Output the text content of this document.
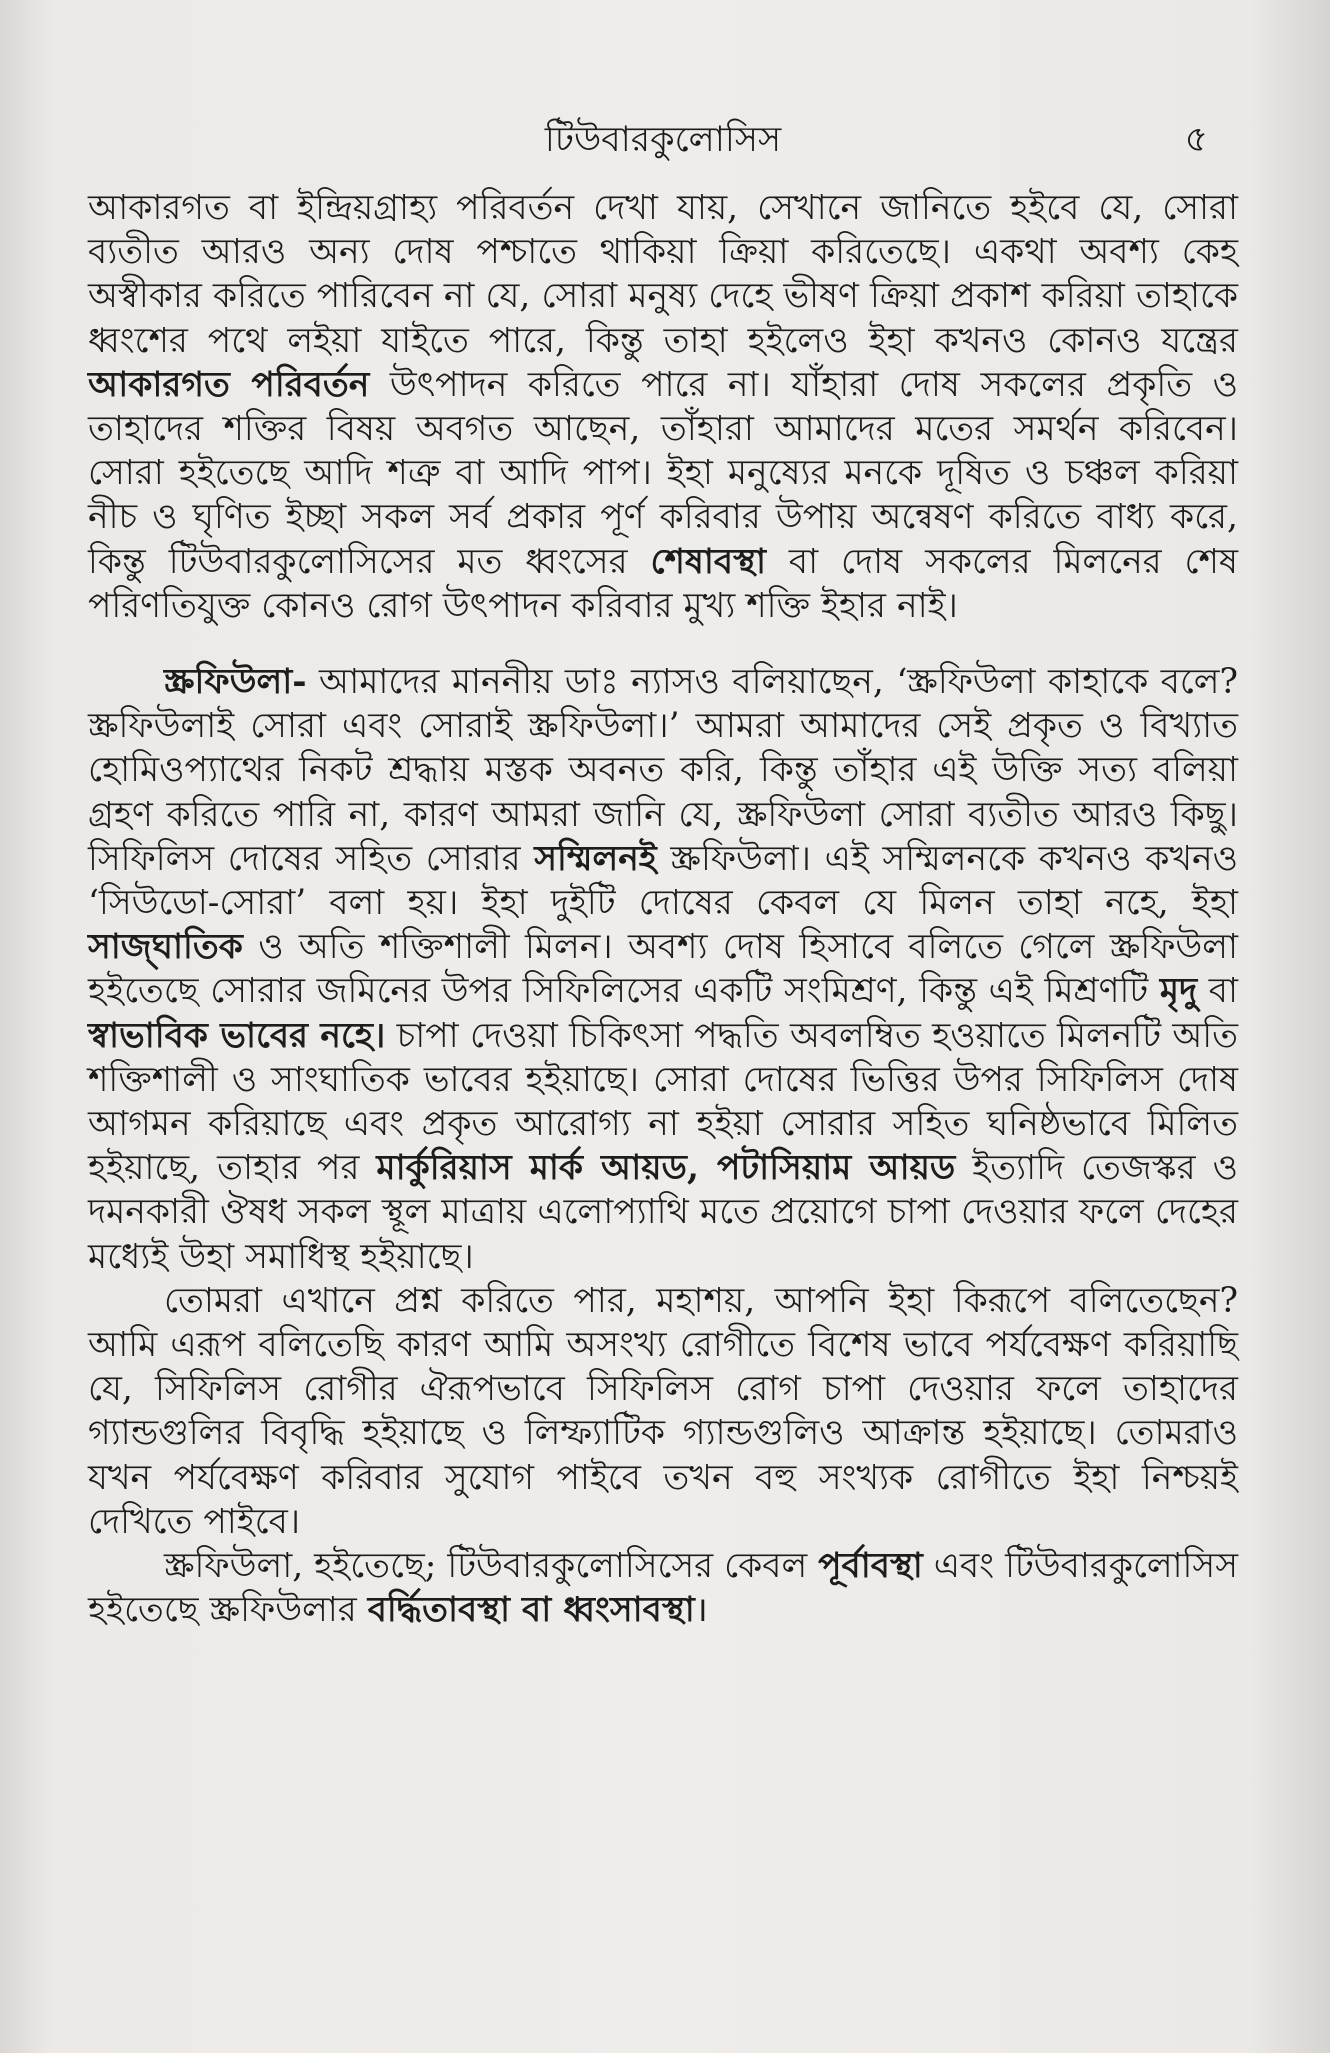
টিউবারকুলোসিস	৫

আকারগত বা ইন্দ্রিয়গ্রাহ্য পরিবর্তন দেখা যায়, সেখানে জানিতে হইবে যে, সোরা ব্যতীত আরও অন্য দোষ পশ্চাতে থাকিয়া ক্রিয়া করিতেছে। একথা অবশ্য কেহ অস্বীকার করিতে পারিবেন না যে, সোরা মনুষ্য দেহে ভীষণ ক্রিয়া প্রকাশ করিয়া তাহাকে ধ্বংশের পথে লইয়া যাইতে পারে, কিন্তু তাহা হইলেও ইহা কখনও কোনও যন্ত্রের আকারগত পরিবর্তন উৎপাদন করিতে পারে না। যাঁহারা দোষ সকলের প্রকৃতি ও তাহাদের শক্তির বিষয় অবগত আছেন, তাঁহারা আমাদের মতের সমর্থন করিবেন। সোরা হইতেছে আদি শত্রু বা আদি পাপ। ইহা মনুষ্যের মনকে দূষিত ও চঞ্চল করিয়া নীচ ও ঘৃণিত ইচ্ছা সকল সর্ব প্রকার পূর্ণ করিবার উপায় অন্বেষণ করিতে বাধ্য করে, কিন্তু টিউবারকুলোসিসের মত ধ্বংসের শেষাবস্থা বা দোষ সকলের মিলনের শেষ পরিণতিযুক্ত কোনও রোগ উৎপাদন করিবার মুখ্য শক্তি ইহার নাই।

স্ক্রফিউলা- আমাদের মাননীয় ডাঃ ন্যাসও বলিয়াছেন, ‘স্ক্রফিউলা কাহাকে বলে? স্ক্রফিউলাই সোরা এবং সোরাই স্ক্রফিউলা।’ আমরা আমাদের সেই প্রকৃত ও বিখ্যাত হোমিওপ্যাথের নিকট শ্রদ্ধায় মস্তক অবনত করি, কিন্তু তাঁহার এই উক্তি সত্য বলিয়া গ্রহণ করিতে পারি না, কারণ আমরা জানি যে, স্ক্রফিউলা সোরা ব্যতীত আরও কিছু। সিফিলিস দোষের সহিত সোরার সম্মিলনই স্ক্রফিউলা। এই সম্মিলনকে কখনও কখনও ‘সিউডো-সোরা’ বলা হয়। ইহা দুইটি দোষের কেবল যে মিলন তাহা নহে, ইহা সাজ্ঘাতিক ও অতি শক্তিশালী মিলন। অবশ্য দোষ হিসাবে বলিতে গেলে স্ক্রফিউলা হইতেছে সোরার জমিনের উপর সিফিলিসের একটি সংমিশ্রণ, কিন্তু এই মিশ্রণটি মৃদু বা স্বাভাবিক ভাবের নহে। চাপা দেওয়া চিকিৎসা পদ্ধতি অবলম্বিত হওয়াতে মিলনটি অতি শক্তিশালী ও সাংঘাতিক ভাবের হইয়াছে। সোরা দোষের ভিত্তির উপর সিফিলিস দোষ আগমন করিয়াছে এবং প্রকৃত আরোগ্য না হইয়া সোরার সহিত ঘনিষ্ঠভাবে মিলিত হইয়াছে, তাহার পর মার্কুরিয়াস মার্ক আয়ড, পটাসিয়াম আয়ড ইত্যাদি তেজস্কর ও দমনকারী ঔষধ সকল স্থূল মাত্রায় এলোপ্যাথি মতে প্রয়োগে চাপা দেওয়ার ফলে দেহের মধ্যেই উহা সমাধিস্থ হইয়াছে।

তোমরা এখানে প্রশ্ন করিতে পার, মহাশয়, আপনি ইহা কিরূপে বলিতেছেন? আমি এরূপ বলিতেছি কারণ আমি অসংখ্য রোগীতে বিশেষ ভাবে পর্যবেক্ষণ করিয়াছি যে, সিফিলিস রোগীর ঐরূপভাবে সিফিলিস রোগ চাপা দেওয়ার ফলে তাহাদের গ্যান্ডগুলির বিবৃদ্ধি হইয়াছে ও লিম্ফ্যাটিক গ্যান্ডগুলিও আক্রান্ত হইয়াছে। তোমরাও যখন পর্যবেক্ষণ করিবার সুযোগ পাইবে তখন বহু সংখ্যক রোগীতে ইহা নিশ্চয়ই দেখিতে পাইবে।

স্ক্রফিউলা, হইতেছে; টিউবারকুলোসিসের কেবল পূর্বাবস্থা এবং টিউবারকুলোসিস হইতেছে স্ক্রফিউলার বর্দ্ধিতাবস্থা বা ধ্বংসাবস্থা।
